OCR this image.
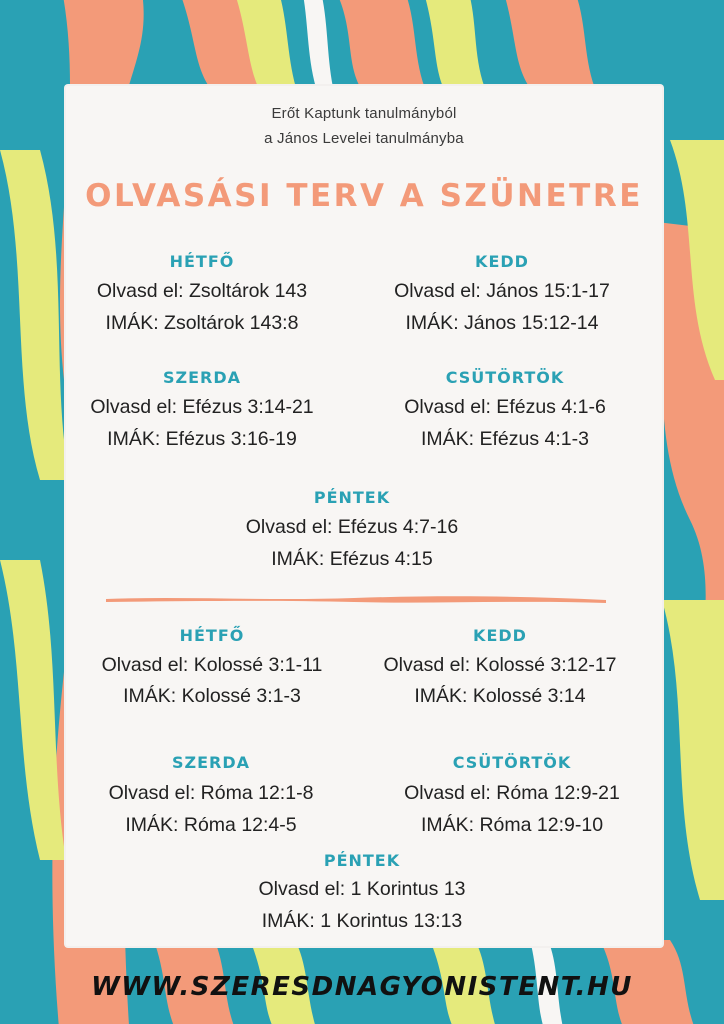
Erőt Kaptunk tanulmányból
a János Levelei tanulmányba
OLVASÁSI TERV A SZÜNETRE
HÉTFŐ
Olvasd el: Zsoltárok 143
IMÁK: Zsoltárok 143:8
KEDD
Olvasd el: János 15:1-17
IMÁK: János 15:12-14
SZERDA
Olvasd el: Efézus 3:14-21
IMÁK: Efézus 3:16-19
CSÜTÖRTÖK
Olvasd el: Efézus 4:1-6
IMÁK: Efézus 4:1-3
PÉNTEK
Olvasd el: Efézus 4:7-16
IMÁK: Efézus 4:15
HÉTFŐ
Olvasd el: Kolossé 3:1-11
IMÁK: Kolossé 3:1-3
KEDD
Olvasd el: Kolossé 3:12-17
IMÁK: Kolossé 3:14
SZERDA
Olvasd el: Róma 12:1-8
IMÁK: Róma 12:4-5
CSÜTÖRTÖK
Olvasd el: Róma 12:9-21
IMÁK: Róma 12:9-10
PÉNTEK
Olvasd el: 1 Korintus 13
IMÁK: 1 Korintus 13:13
WWW.SZERESDNAGYONISTENT.HU
